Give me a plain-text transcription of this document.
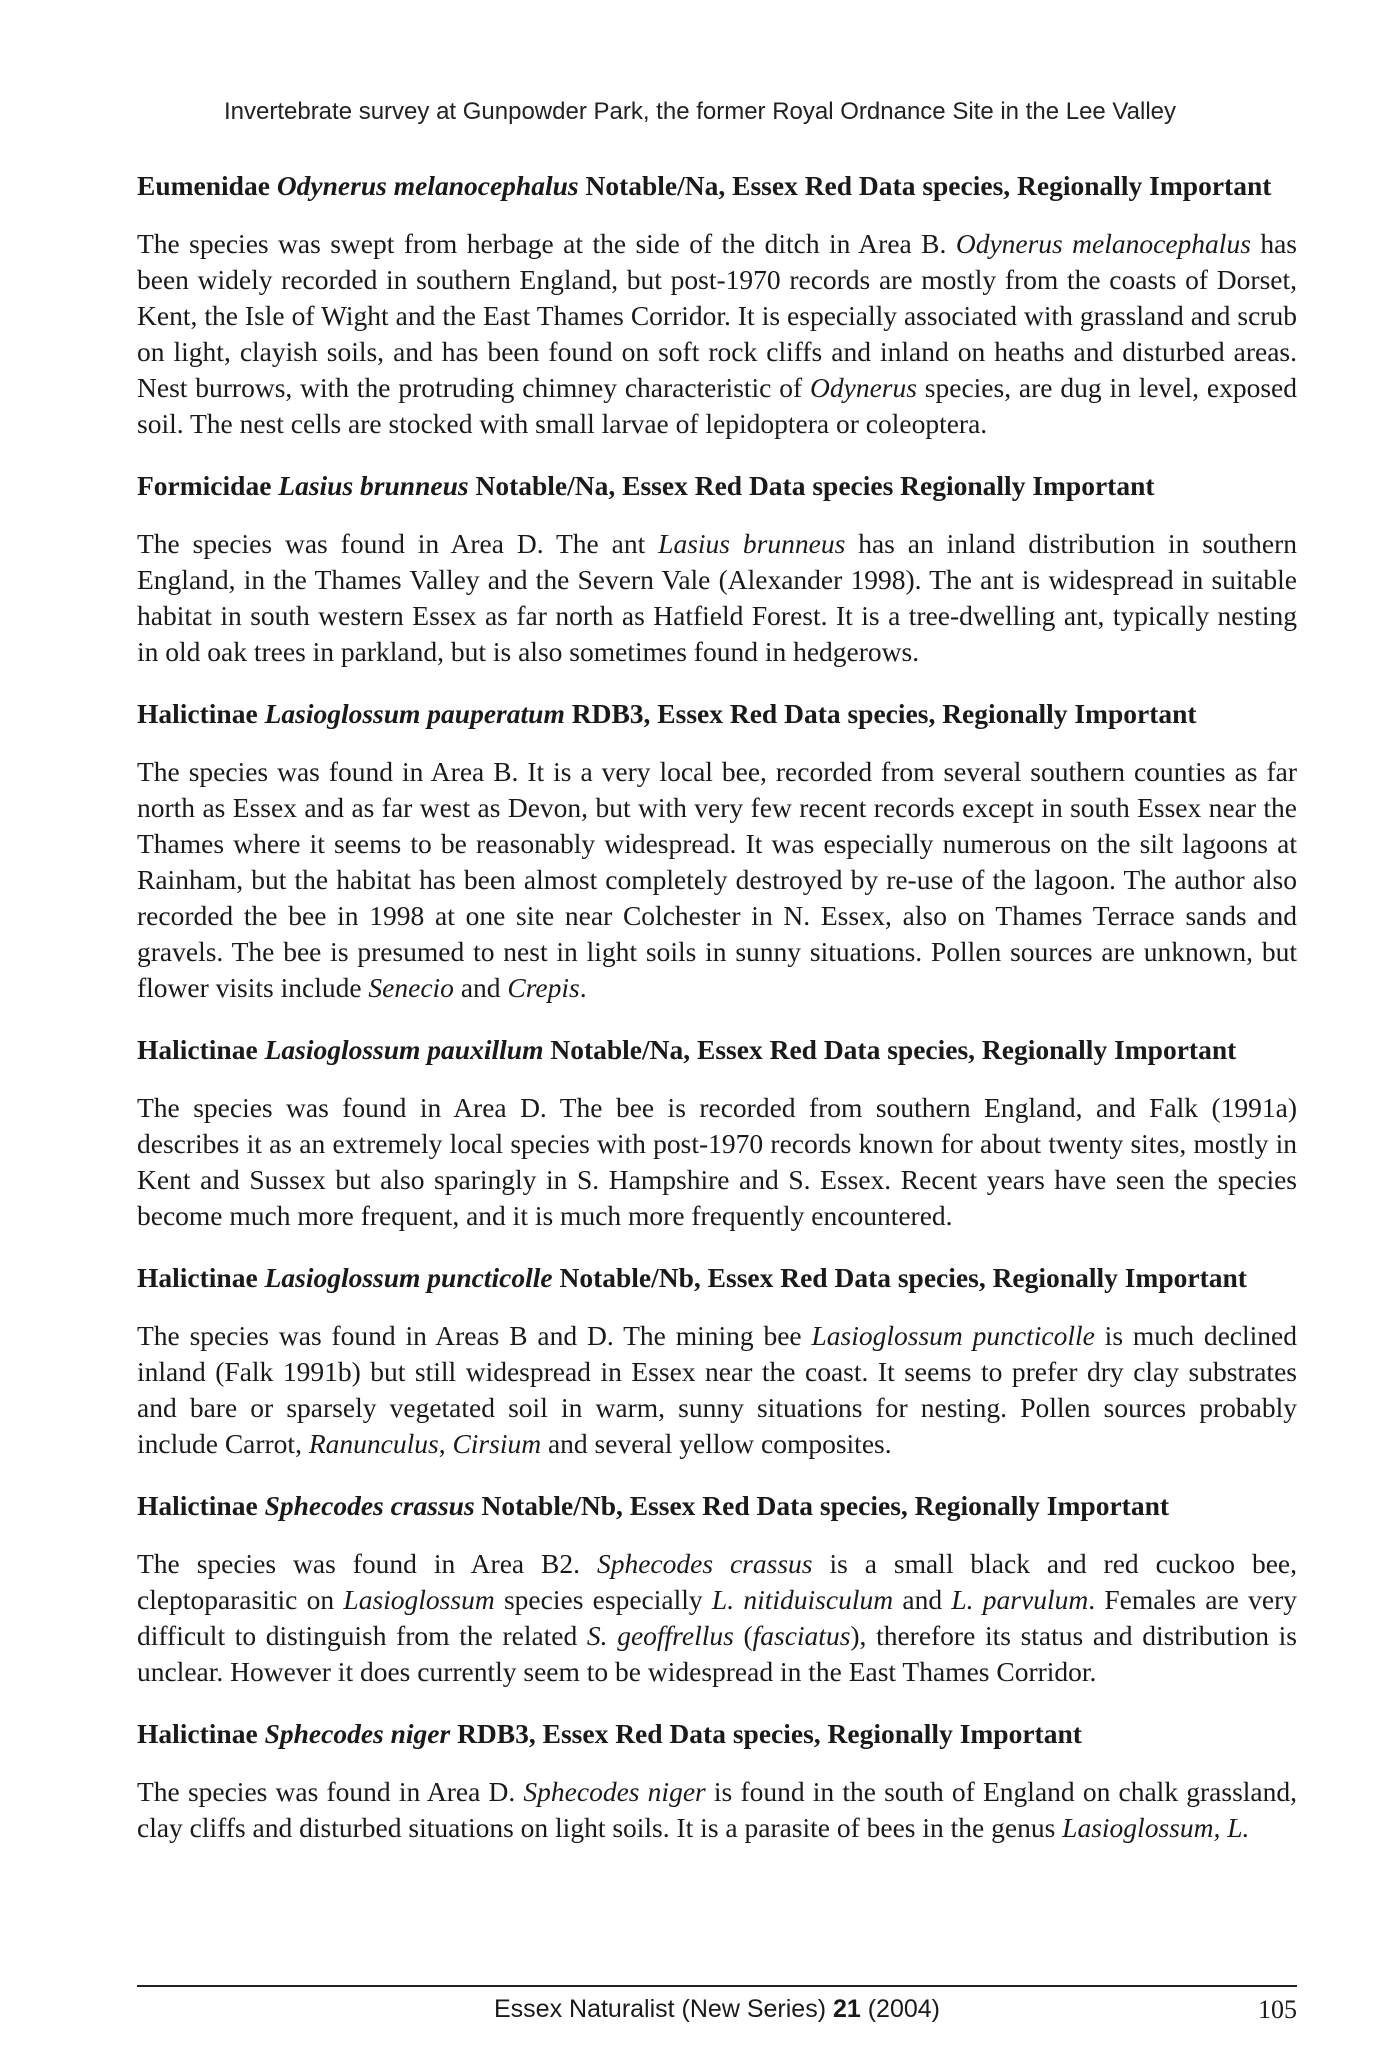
Invertebrate survey at Gunpowder Park, the former Royal Ordnance Site in the Lee Valley
Eumenidae Odynerus melanocephalus Notable/Na, Essex Red Data species, Regionally Important

The species was swept from herbage at the side of the ditch in Area B. Odynerus melanocephalus has been widely recorded in southern England, but post-1970 records are mostly from the coasts of Dorset, Kent, the Isle of Wight and the East Thames Corridor. It is especially associated with grassland and scrub on light, clayish soils, and has been found on soft rock cliffs and inland on heaths and disturbed areas. Nest burrows, with the protruding chimney characteristic of Odynerus species, are dug in level, exposed soil. The nest cells are stocked with small larvae of lepidoptera or coleoptera.

Formicidae Lasius brunneus Notable/Na, Essex Red Data species Regionally Important

The species was found in Area D. The ant Lasius brunneus has an inland distribution in southern England, in the Thames Valley and the Severn Vale (Alexander 1998). The ant is widespread in suitable habitat in south western Essex as far north as Hatfield Forest. It is a tree-dwelling ant, typically nesting in old oak trees in parkland, but is also sometimes found in hedgerows.

Halictinae Lasioglossum pauperatum RDB3, Essex Red Data species, Regionally Important

The species was found in Area B. It is a very local bee, recorded from several southern counties as far north as Essex and as far west as Devon, but with very few recent records except in south Essex near the Thames where it seems to be reasonably widespread. It was especially numerous on the silt lagoons at Rainham, but the habitat has been almost completely destroyed by re-use of the lagoon. The author also recorded the bee in 1998 at one site near Colchester in N. Essex, also on Thames Terrace sands and gravels. The bee is presumed to nest in light soils in sunny situations. Pollen sources are unknown, but flower visits include Senecio and Crepis.

Halictinae Lasioglossum pauxillum Notable/Na, Essex Red Data species, Regionally Important

The species was found in Area D. The bee is recorded from southern England, and Falk (1991a) describes it as an extremely local species with post-1970 records known for about twenty sites, mostly in Kent and Sussex but also sparingly in S. Hampshire and S. Essex. Recent years have seen the species become much more frequent, and it is much more frequently encountered.

Halictinae Lasioglossum puncticolle Notable/Nb, Essex Red Data species, Regionally Important

The species was found in Areas B and D. The mining bee Lasioglossum puncticolle is much declined inland (Falk 1991b) but still widespread in Essex near the coast. It seems to prefer dry clay substrates and bare or sparsely vegetated soil in warm, sunny situations for nesting. Pollen sources probably include Carrot, Ranunculus, Cirsium and several yellow composites.

Halictinae Sphecodes crassus Notable/Nb, Essex Red Data species, Regionally Important

The species was found in Area B2. Sphecodes crassus is a small black and red cuckoo bee, cleptoparasitic on Lasioglossum species especially L. nitiduisculum and L. parvulum. Females are very difficult to distinguish from the related S. geoffrellus (fasciatus), therefore its status and distribution is unclear. However it does currently seem to be widespread in the East Thames Corridor.

Halictinae Sphecodes niger RDB3, Essex Red Data species, Regionally Important

The species was found in Area D. Sphecodes niger is found in the south of England on chalk grassland, clay cliffs and disturbed situations on light soils. It is a parasite of bees in the genus Lasioglossum, L.

Essex Naturalist (New Series) 21 (2004)	105
